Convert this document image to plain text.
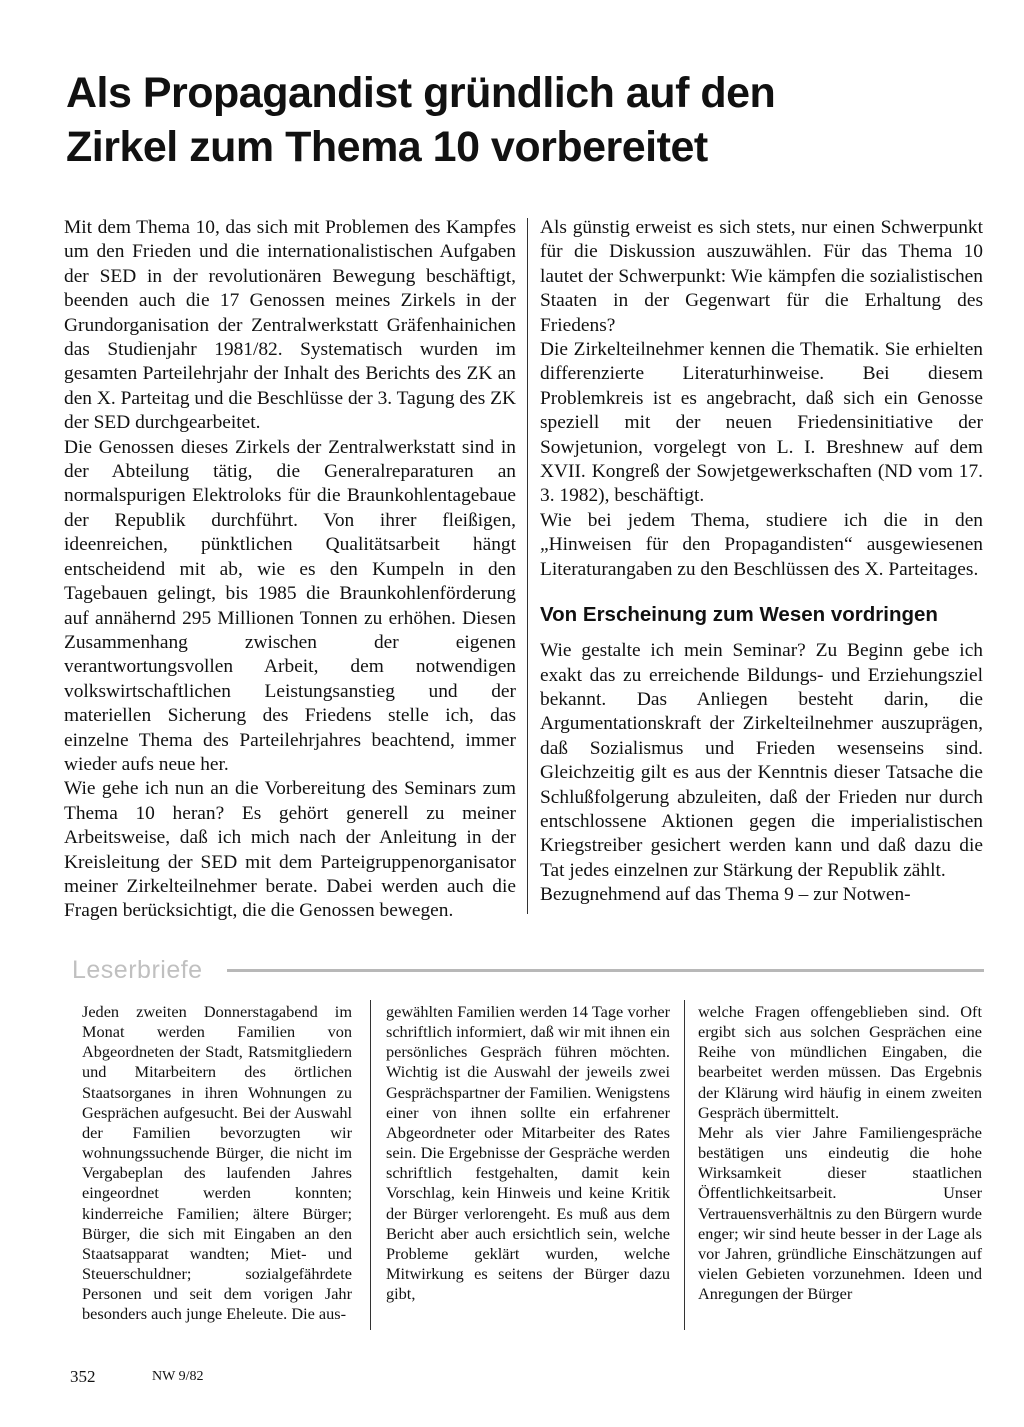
Als Propagandist gründlich auf den
Zirkel zum Thema 10 vorbereitet

Mit dem Thema 10, das sich mit Problemen des Kampfes um den Frieden und die internationalistischen Aufgaben der SED in der revolutionären Bewegung beschäftigt, beenden auch die 17 Genossen meines Zirkels in der Grundorganisation der Zentralwerkstatt Gräfenhainichen das Studienjahr 1981/82. Systematisch wurden im gesamten Parteilehrjahr der Inhalt des Berichts des ZK an den X. Parteitag und die Beschlüsse der 3. Tagung des ZK der SED durchgearbeitet.

Die Genossen dieses Zirkels der Zentralwerkstatt sind in der Abteilung tätig, die Generalreparaturen an normalspurigen Elektroloks für die Braunkohlentagebaue der Republik durchführt. Von ihrer fleißigen, ideenreichen, pünktlichen Qualitätsarbeit hängt entscheidend mit ab, wie es den Kumpeln in den Tagebauen gelingt, bis 1985 die Braunkohlenförderung auf annähernd 295 Millionen Tonnen zu erhöhen. Diesen Zusammenhang zwischen der eigenen verantwortungsvollen Arbeit, dem notwendigen volkswirtschaftlichen Leistungsanstieg und der materiellen Sicherung des Friedens stelle ich, das einzelne Thema des Parteilehrjahres beachtend, immer wieder aufs neue her.

Wie gehe ich nun an die Vorbereitung des Seminars zum Thema 10 heran? Es gehört generell zu meiner Arbeitsweise, daß ich mich nach der Anleitung in der Kreisleitung der SED mit dem Parteigruppenorganisator meiner Zirkelteilnehmer berate. Dabei werden auch die Fragen berücksichtigt, die die Genossen bewegen.

Als günstig erweist es sich stets, nur einen Schwerpunkt für die Diskussion auszuwählen. Für das Thema 10 lautet der Schwerpunkt: Wie kämpfen die sozialistischen Staaten in der Gegenwart für die Erhaltung des Friedens?

Die Zirkelteilnehmer kennen die Thematik. Sie erhielten differenzierte Literaturhinweise. Bei diesem Problemkreis ist es angebracht, daß sich ein Genosse speziell mit der neuen Friedensinitiative der Sowjetunion, vorgelegt von L. I. Breshnew auf dem XVII. Kongreß der Sowjetgewerkschaften (ND vom 17. 3. 1982), beschäftigt.

Wie bei jedem Thema, studiere ich die in den „Hinweisen für den Propagandisten“ ausgewiesenen Literaturangaben zu den Beschlüssen des X. Parteitages.

Von Erscheinung zum Wesen vordringen

Wie gestalte ich mein Seminar? Zu Beginn gebe ich exakt das zu erreichende Bildungs- und Erziehungsziel bekannt. Das Anliegen besteht darin, die Argumentationskraft der Zirkelteilnehmer auszuprägen, daß Sozialismus und Frieden wesenseins sind. Gleichzeitig gilt es aus der Kenntnis dieser Tatsache die Schlußfolgerung abzuleiten, daß der Frieden nur durch entschlossene Aktionen gegen die imperialistischen Kriegstreiber gesichert werden kann und daß dazu die Tat jedes einzelnen zur Stärkung der Republik zählt.

Bezugnehmend auf das Thema 9 – zur Notwen-

Leserbriefe

Jeden zweiten Donnerstagabend im Monat werden Familien von Abgeordneten der Stadt, Ratsmitgliedern und Mitarbeitern des örtlichen Staatsorganes in ihren Wohnungen zu Gesprächen aufgesucht. Bei der Auswahl der Familien bevorzugten wir wohnungssuchende Bürger, die nicht im Vergabeplan des laufenden Jahres eingeordnet werden konnten; kinderreiche Familien; ältere Bürger; Bürger, die sich mit Eingaben an den Staatsapparat wandten; Miet- und Steuerschuldner; sozialgefährdete Personen und seit dem vorigen Jahr besonders auch junge Eheleute. Die aus-

gewählten Familien werden 14 Tage vorher schriftlich informiert, daß wir mit ihnen ein persönliches Gespräch führen möchten. Wichtig ist die Auswahl der jeweils zwei Gesprächspartner der Familien. Wenigstens einer von ihnen sollte ein erfahrener Abgeordneter oder Mitarbeiter des Rates sein. Die Ergebnisse der Gespräche werden schriftlich festgehalten, damit kein Vorschlag, kein Hinweis und keine Kritik der Bürger verlorengeht. Es muß aus dem Bericht aber auch ersichtlich sein, welche Probleme geklärt wurden, welche Mitwirkung es seitens der Bürger dazu gibt,

welche Fragen offengeblieben sind. Oft ergibt sich aus solchen Gesprächen eine Reihe von mündlichen Eingaben, die bearbeitet werden müssen. Das Ergebnis der Klärung wird häufig in einem zweiten Gespräch übermittelt.

Mehr als vier Jahre Familiengespräche bestätigen uns eindeutig die hohe Wirksamkeit dieser staatlichen Öffentlichkeitsarbeit. Unser Vertrauensverhältnis zu den Bürgern wurde enger; wir sind heute besser in der Lage als vor Jahren, gründliche Einschätzungen auf vielen Gebieten vorzunehmen. Ideen und Anregungen der Bürger

352	NW 9/82
